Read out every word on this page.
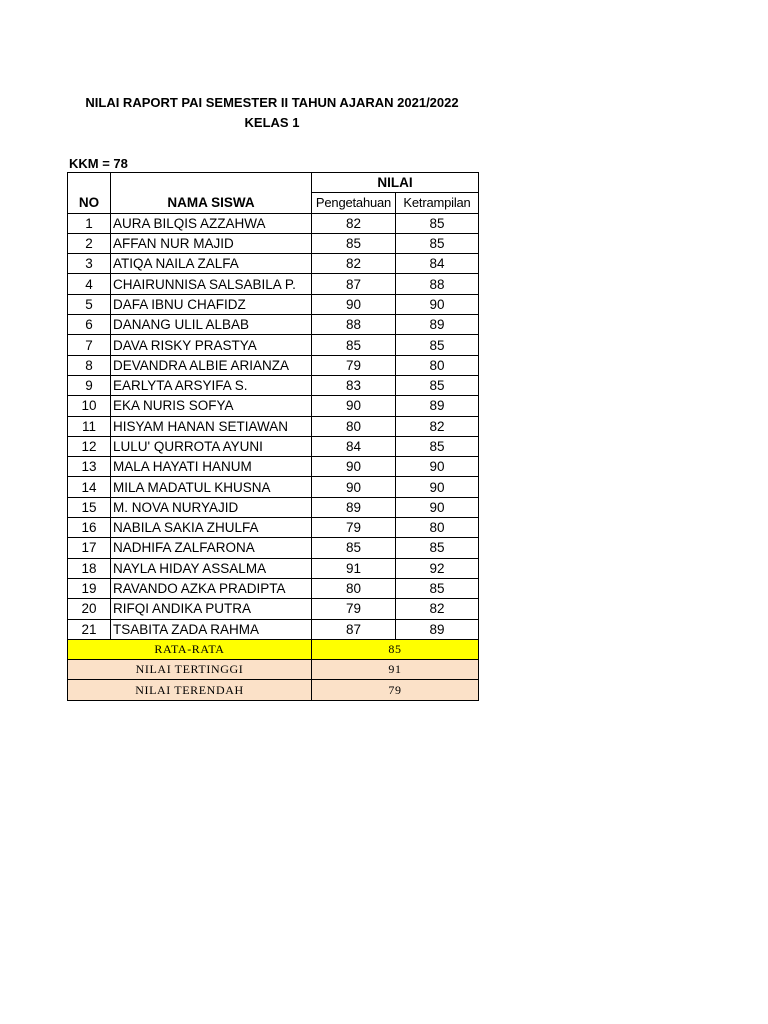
NILAI RAPORT PAI SEMESTER II TAHUN AJARAN 2021/2022
KELAS 1
KKM = 78
		NILAI	
NO	NAMA SISWA	Pengetahuan	Ketrampilan
1	AURA BILQIS AZZAHWA	82	85
2	AFFAN NUR MAJID	85	85
3	ATIQA NAILA ZALFA	82	84
4	CHAIRUNNISA SALSABILA P.	87	88
5	DAFA IBNU CHAFIDZ	90	90
6	DANANG ULIL ALBAB	88	89
7	DAVA RISKY PRASTYA	85	85
8	DEVANDRA ALBIE ARIANZA	79	80
9	EARLYTA ARSYIFA S.	83	85
10	EKA NURIS SOFYA	90	89
11	HISYAM HANAN SETIAWAN	80	82
12	LULU' QURROTA AYUNI	84	85
13	MALA HAYATI HANUM	90	90
14	MILA MADATUL KHUSNA	90	90
15	M. NOVA NURYAJID	89	90
16	NABILA SAKIA ZHULFA	79	80
17	NADHIFA ZALFARONA	85	85
18	NAYLA HIDAY ASSALMA	91	92
19	RAVANDO AZKA PRADIPTA	80	85
20	RIFQI ANDIKA PUTRA	79	82
21	TSABITA ZADA RAHMA	87	89
RATA-RATA		85	
NILAI TERTINGGI		91	
NILAI TERENDAH		79	
